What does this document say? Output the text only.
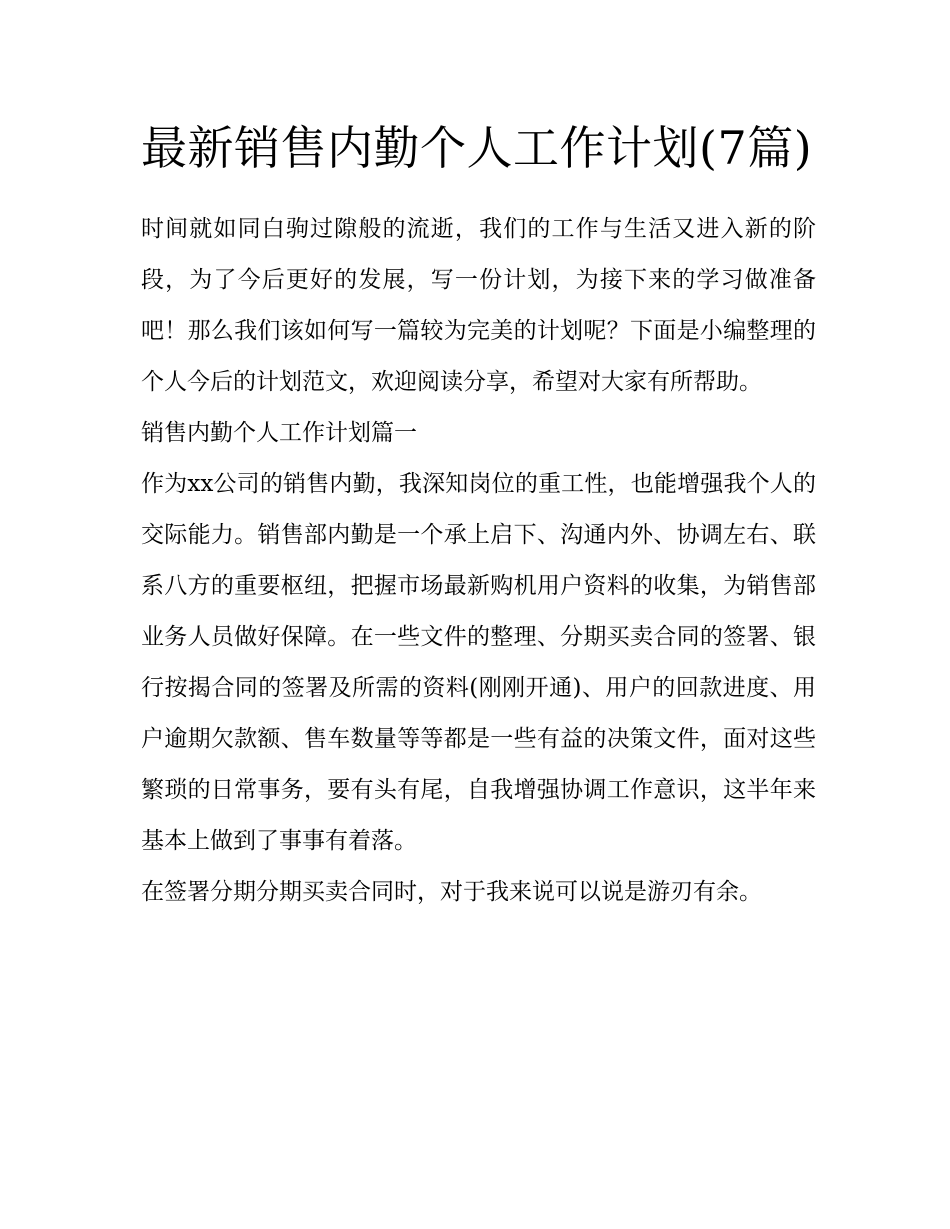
最新销售内勤个人工作计划(7篇)

时间就如同白驹过隙般的流逝，我们的工作与生活又进入新的阶段，为了今后更好的发展，写一份计划，为接下来的学习做准备吧！那么我们该如何写一篇较为完美的计划呢？下面是小编整理的个人今后的计划范文，欢迎阅读分享，希望对大家有所帮助。

销售内勤个人工作计划篇一

作为xx公司的销售内勤，我深知岗位的重工性，也能增强我个人的交际能力。销售部内勤是一个承上启下、沟通内外、协调左右、联系八方的重要枢纽，把握市场最新购机用户资料的收集，为销售部业务人员做好保障。在一些文件的整理、分期买卖合同的签署、银行按揭合同的签署及所需的资料(刚刚开通)、用户的回款进度、用户逾期欠款额、售车数量等等都是一些有益的决策文件，面对这些繁琐的日常事务，要有头有尾，自我增强协调工作意识，这半年来基本上做到了事事有着落。

在签署分期分期买卖合同时，对于我来说可以说是游刃有余。
